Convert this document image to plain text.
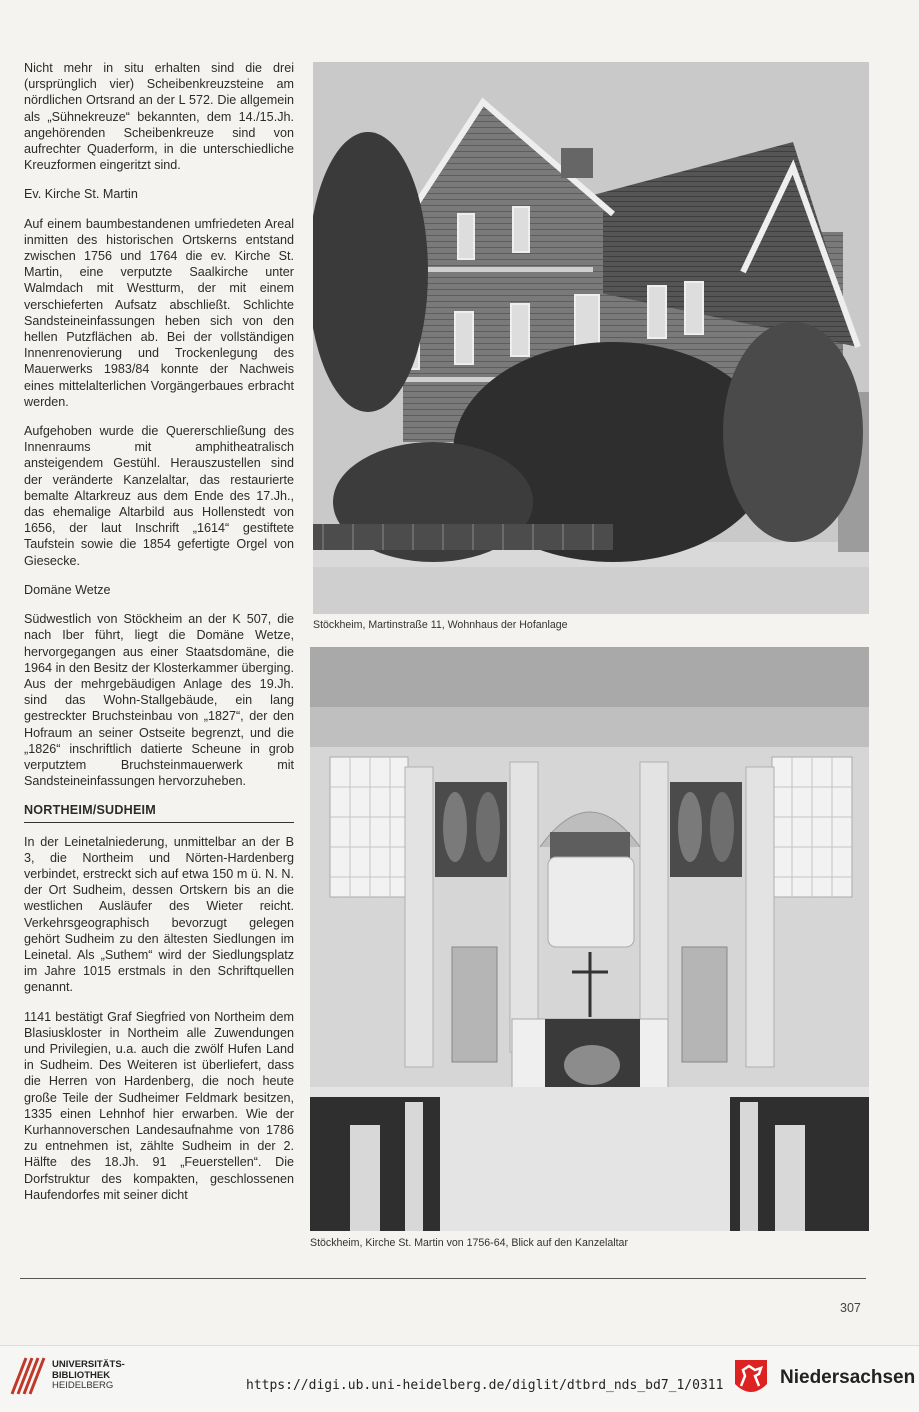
Nicht mehr in situ erhalten sind die drei (ursprünglich vier) Scheibenkreuzsteine am nördlichen Ortsrand an der L 572. Die allgemein als „Sühnekreuze“ bekannten, dem 14./15.Jh. angehörenden Scheibenkreuze sind von aufrechter Quaderform, in die unterschiedliche Kreuzformen eingeritzt sind.

Ev. Kirche St. Martin

Auf einem baumbestandenen umfriedeten Areal inmitten des historischen Ortskerns entstand zwischen 1756 und 1764 die ev. Kirche St. Martin, eine verputzte Saalkirche unter Walmdach mit Westturm, der mit einem verschieferten Aufsatz abschließt. Schlichte Sandsteineinfassungen heben sich von den hellen Putzflächen ab. Bei der vollständigen Innenrenovierung und Trockenlegung des Mauerwerks 1983/84 konnte der Nachweis eines mittelalterlichen Vorgängerbaues erbracht werden.

Aufgehoben wurde die Quererschließung des Innenraums mit amphitheatralisch ansteigendem Gestühl. Herauszustellen sind der veränderte Kanzelaltar, das restaurierte bemalte Altarkreuz aus dem Ende des 17.Jh., das ehemalige Altarbild aus Hollenstedt von 1656, der laut Inschrift „1614“ gestiftete Taufstein sowie die 1854 gefertigte Orgel von Giesecke.

Domäne Wetze

Südwestlich von Stöckheim an der K 507, die nach Iber führt, liegt die Domäne Wetze, hervorgegangen aus einer Staatsdomäne, die 1964 in den Besitz der Klosterkammer überging. Aus der mehrgebäudigen Anlage des 19.Jh. sind das Wohn-Stallgebäude, ein lang gestreckter Bruchsteinbau von „1827“, der den Hofraum an seiner Ostseite begrenzt, und die „1826“ inschriftlich datierte Scheune in grob verputztem Bruchsteinmauerwerk mit Sandsteineinfassungen hervorzuheben.

NORTHEIM/SUDHEIM

In der Leinetalniederung, unmittelbar an der B 3, die Northeim und Nörten-Hardenberg verbindet, erstreckt sich auf etwa 150 m ü. N. N. der Ort Sudheim, dessen Ortskern bis an die westlichen Ausläufer des Wieter reicht. Verkehrsgeographisch bevorzugt gelegen gehört Sudheim zu den ältesten Siedlungen im Leinetal. Als „Suthem“ wird der Siedlungsplatz im Jahre 1015 erstmals in den Schriftquellen genannt.

1141 bestätigt Graf Siegfried von Northeim dem Blasiuskloster in Northeim alle Zuwendungen und Privilegien, u.a. auch die zwölf Hufen Land in Sudheim. Des Weiteren ist überliefert, dass die Herren von Hardenberg, die noch heute große Teile der Sudheimer Feldmark besitzen, 1335 einen Lehnhof hier erwarben. Wie der Kurhannoverschen Landesaufnahme von 1786 zu entnehmen ist, zählte Sudheim in der 2. Hälfte des 18.Jh. 91 „Feuerstellen“. Die Dorfstruktur des kompakten, geschlossenen Haufendorfes mit seiner dicht

Stöckheim, Martinstraße 11, Wohnhaus der Hofanlage
Stöckheim, Kirche St. Martin von 1756-64, Blick auf den Kanzelaltar
307
UNIVERSITÄTS-
BIBLIOTHEK
HEIDELBERG	https://digi.ub.uni-heidelberg.de/diglit/dtbrd_nds_bd7_1/0311	Niedersachsen
